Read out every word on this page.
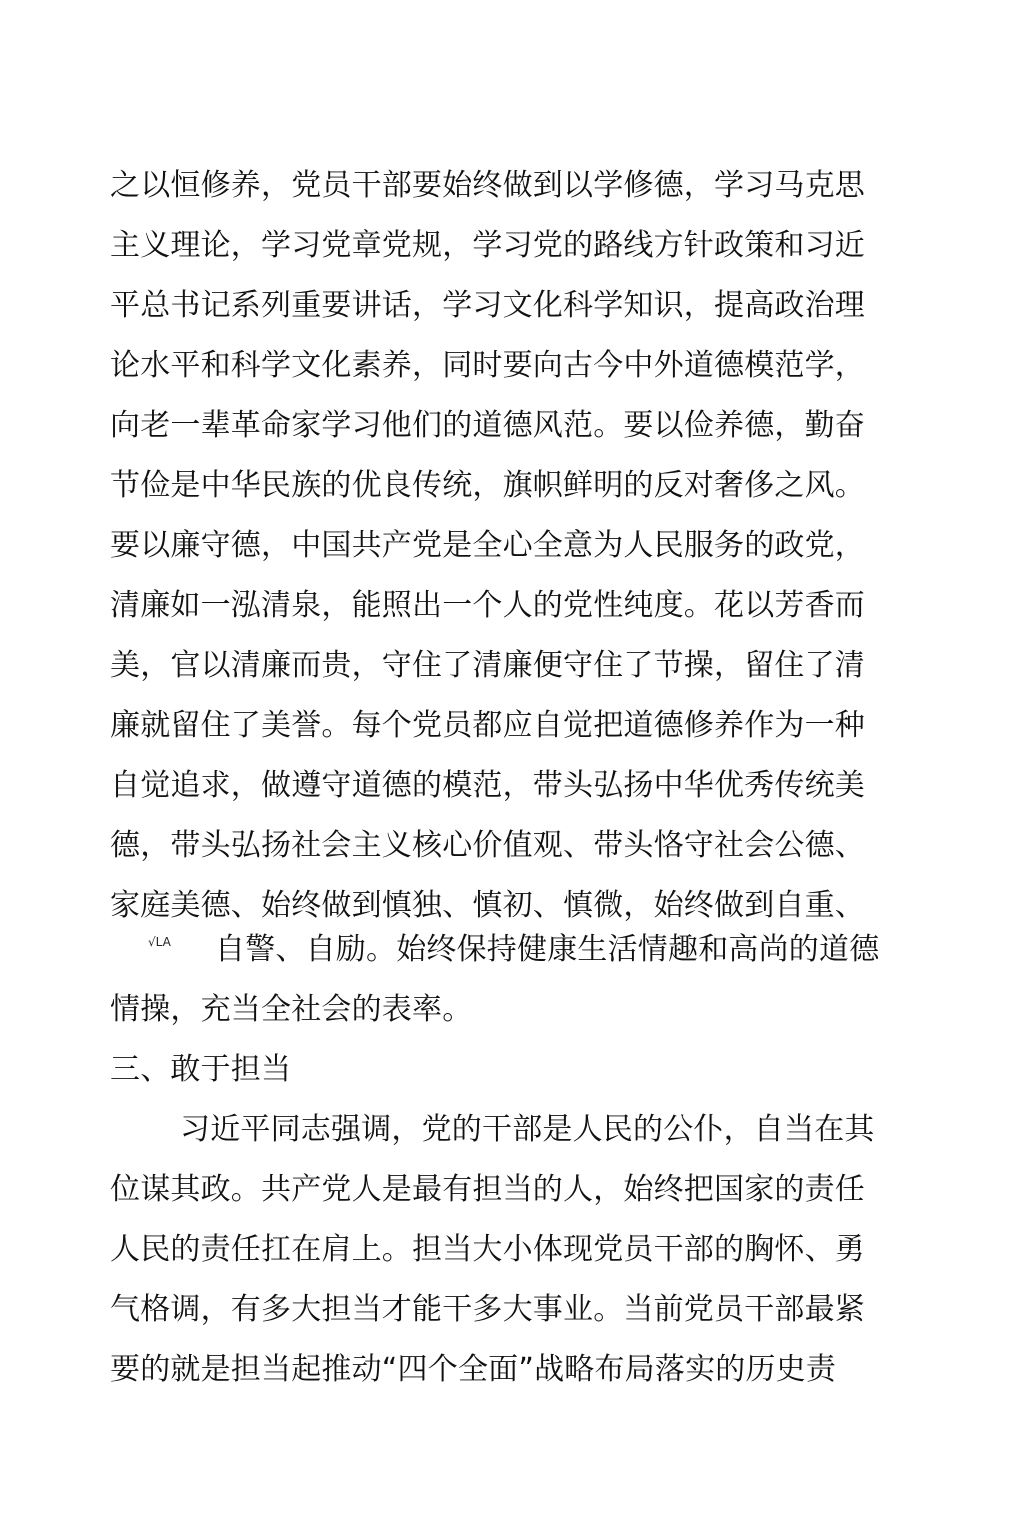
之以恒修养，党员干部要始终做到以学修德，学习马克思
主义理论，学习党章党规，学习党的路线方针政策和习近
平总书记系列重要讲话，学习文化科学知识，提高政治理
论水平和科学文化素养，同时要向古今中外道德模范学，
向老一辈革命家学习他们的道德风范。要以俭养德，勤奋
节俭是中华民族的优良传统，旗帜鲜明的反对奢侈之风。
要以廉守德，中国共产党是全心全意为人民服务的政党，
清廉如一泓清泉，能照出一个人的党性纯度。花以芳香而
美，官以清廉而贵，守住了清廉便守住了节操，留住了清
廉就留住了美誉。每个党员都应自觉把道德修养作为一种
自觉追求，做遵守道德的模范，带头弘扬中华优秀传统美
德，带头弘扬社会主义核心价值观、带头恪守社会公德、
家庭美德、始终做到慎独、慎初、慎微，始终做到自重、
√LA 自警、自励。始终保持健康生活情趣和高尚的道德
情操，充当全社会的表率。
三、敢于担当
习近平同志强调，党的干部是人民的公仆，自当在其
位谋其政。共产党人是最有担当的人，始终把国家的责任
人民的责任扛在肩上。担当大小体现党员干部的胸怀、勇
气格调，有多大担当才能干多大事业。当前党员干部最紧
要的就是担当起推动“四个全面”战略布局落实的历史责
